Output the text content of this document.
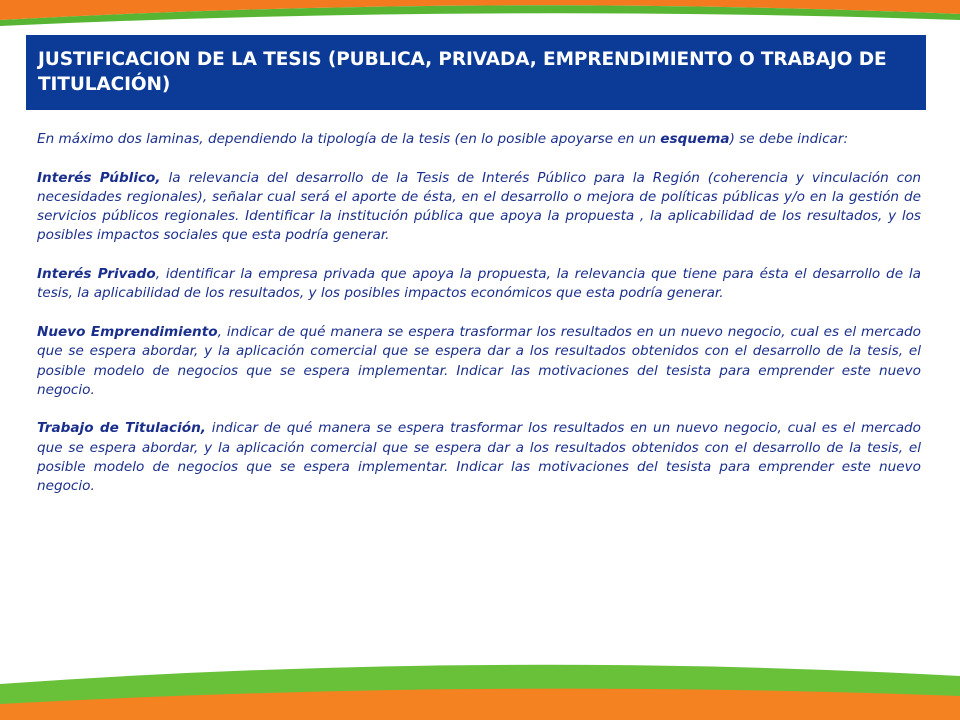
JUSTIFICACION DE LA TESIS (PUBLICA, PRIVADA, EMPRENDIMIENTO O TRABAJO DE TITULACIÓN)

En máximo dos laminas, dependiendo la tipología de la tesis (en lo posible apoyarse en un esquema) se debe indicar:

Interés Público, la relevancia del desarrollo de la Tesis de Interés Público para la Región (coherencia y vinculación con necesidades regionales), señalar cual será el aporte de ésta, en el desarrollo o mejora de políticas públicas y/o en la gestión de servicios públicos regionales. Identificar la institución pública que apoya la propuesta , la aplicabilidad de los resultados, y los posibles impactos sociales que esta podría generar.

Interés Privado, identificar la empresa privada que apoya la propuesta, la relevancia que tiene para ésta el desarrollo de la tesis, la aplicabilidad de los resultados, y los posibles impactos económicos que esta podría generar.

Nuevo Emprendimiento, indicar de qué manera se espera trasformar los resultados en un nuevo negocio, cual es el mercado que se espera abordar, y la aplicación comercial que se espera dar a los resultados obtenidos con el desarrollo de la tesis, el posible modelo de negocios que se espera implementar. Indicar las motivaciones del tesista para emprender este nuevo negocio.

Trabajo de Titulación, indicar de qué manera se espera trasformar los resultados en un nuevo negocio, cual es el mercado que se espera abordar, y la aplicación comercial que se espera dar a los resultados obtenidos con el desarrollo de la tesis, el posible modelo de negocios que se espera implementar. Indicar las motivaciones del tesista para emprender este nuevo negocio.
